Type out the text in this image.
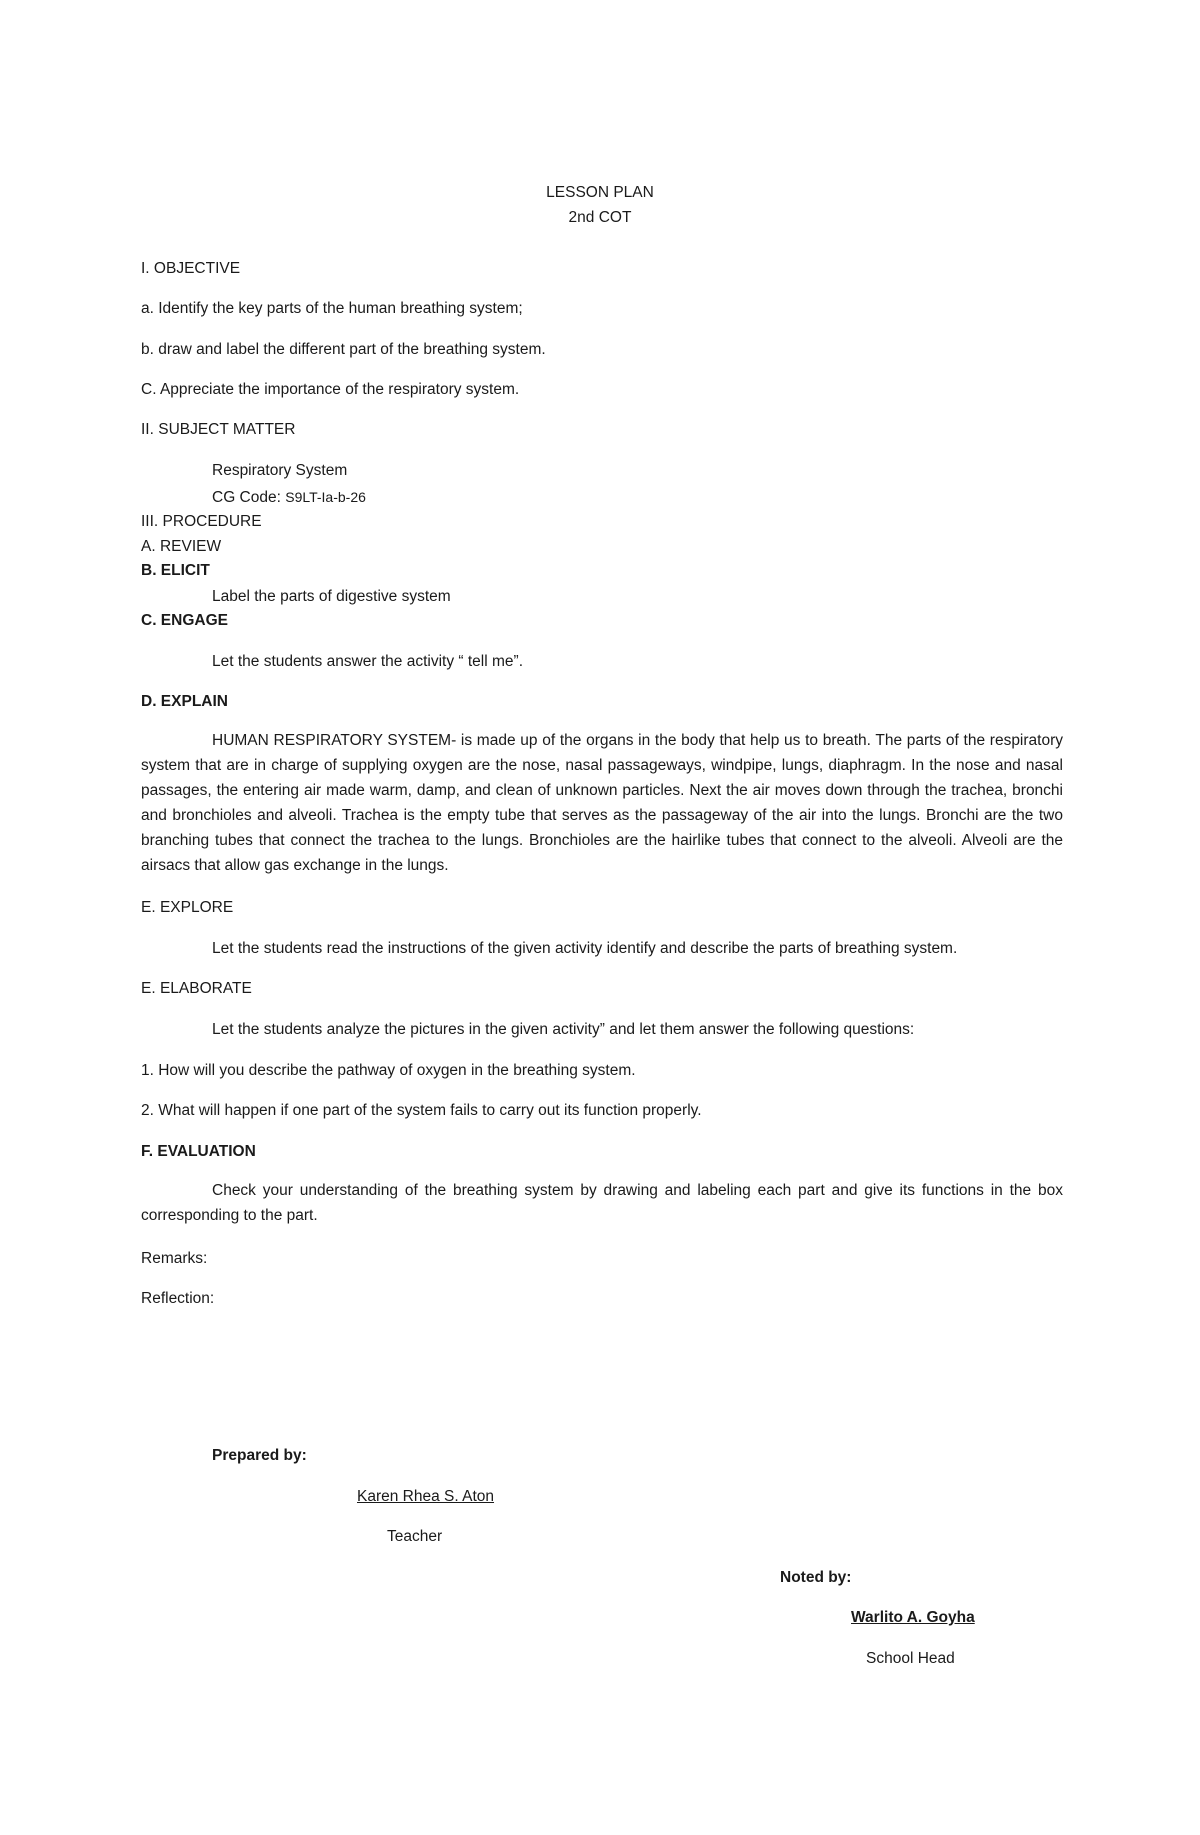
LESSON PLAN
2nd COT
I. OBJECTIVE
a. Identify the key parts of the human breathing system;
b. draw and label the different part of the breathing system.
C. Appreciate the importance of the respiratory system.
II. SUBJECT MATTER
Respiratory System
CG Code: S9LT-Ia-b-26
III. PROCEDURE
A. REVIEW
B. ELICIT
Label the parts of digestive system
C. ENGAGE
Let the students answer the activity “ tell me”.
D. EXPLAIN
HUMAN RESPIRATORY SYSTEM- is made up of the organs in the body that help us to breath. The parts of the respiratory system that are in charge of supplying oxygen are the nose, nasal passageways, windpipe, lungs, diaphragm. In the nose and nasal passages, the entering air made warm, damp, and clean of unknown particles. Next the air moves down through the trachea, bronchi and bronchioles and alveoli. Trachea is the empty tube that serves as the passageway of the air into the lungs. Bronchi are the two branching tubes that connect the trachea to the lungs. Bronchioles are the hairlike tubes that connect to the alveoli. Alveoli are the airsacs that allow gas exchange in the lungs.
E. EXPLORE
Let the students read the instructions of the given activity identify and describe the parts of breathing system.
E. ELABORATE
Let the students analyze the pictures in the given activity” and let them answer the following questions:
1. How will you describe the pathway of oxygen in the breathing system.
2. What will happen if one part of the system fails to carry out its function properly.
F. EVALUATION
Check your understanding of the breathing system by drawing and labeling each part and give its functions in the box corresponding to the part.
Remarks:
Reflection:
Prepared by:
Karen Rhea S. Aton
Teacher
Noted by:
Warlito A. Goyha
School Head
